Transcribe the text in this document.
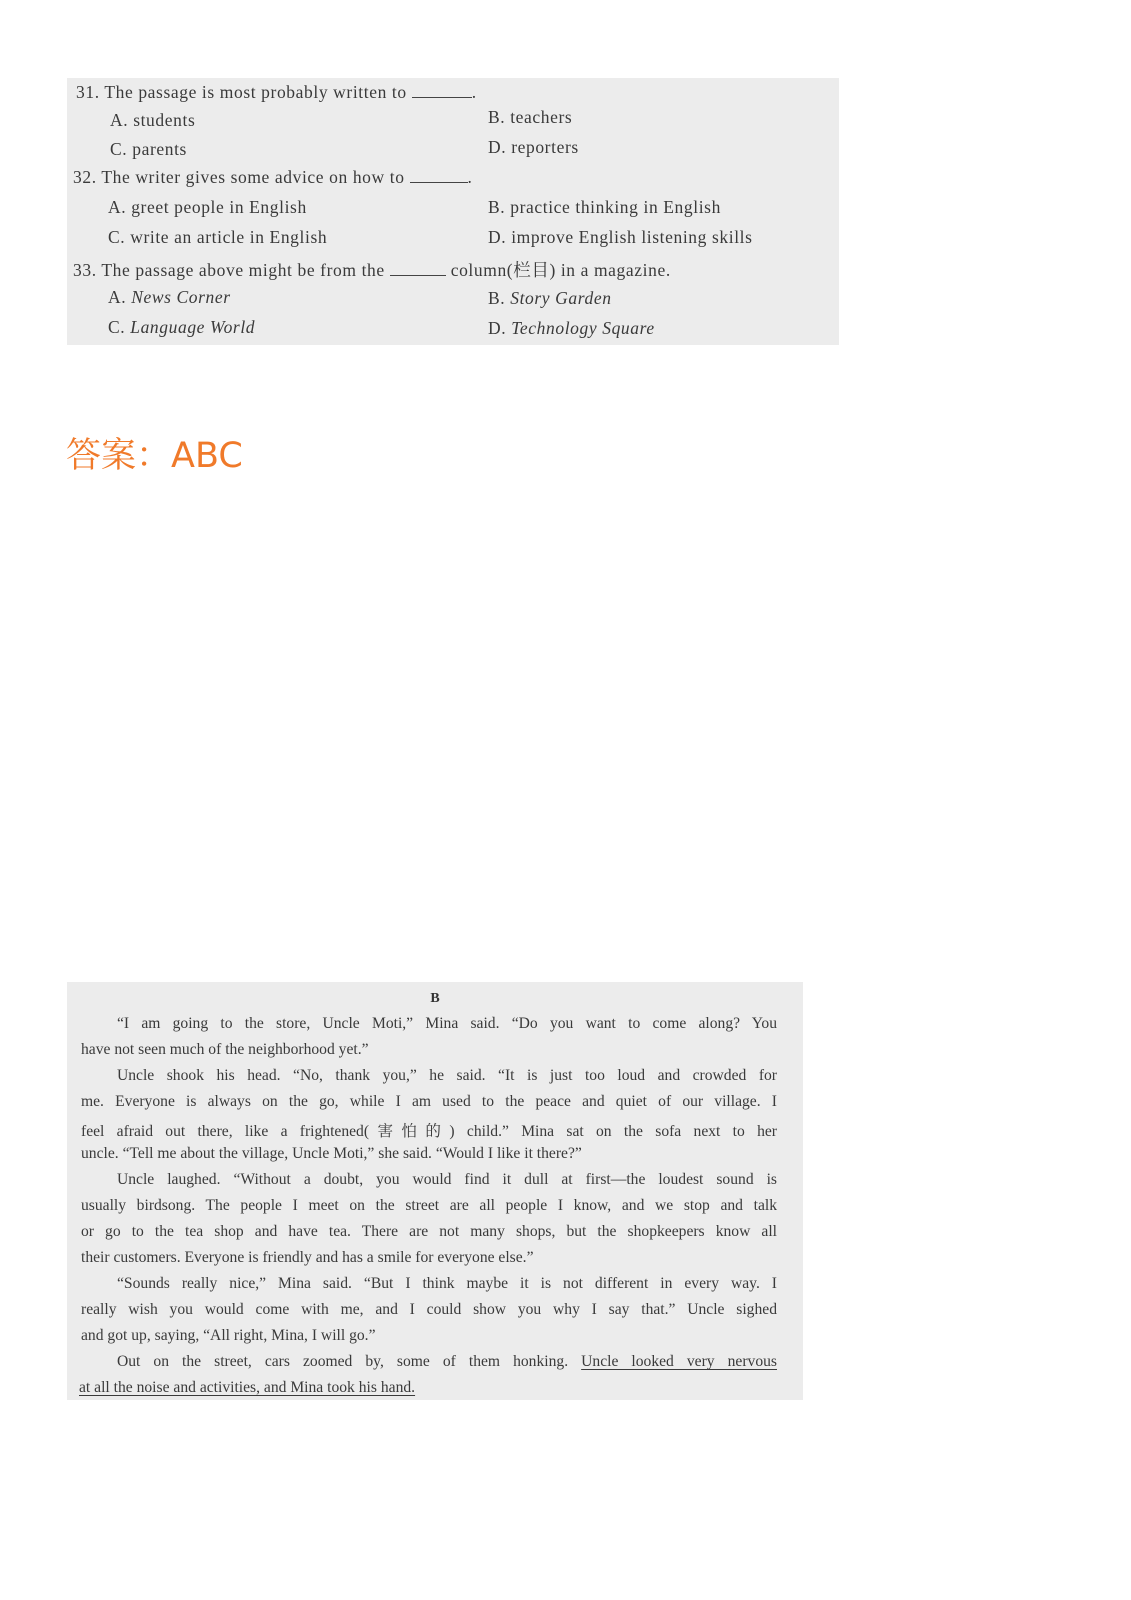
31. The passage is most probably written to	.
A. students	B. teachers
C. parents	D. reporters
32. The writer gives some advice on how to	.
A. greet people in English	B. practice thinking in English
C. write an article in English	D. improve English listening skills
33. The passage above might be from the	column(栏目) in a magazine.
A. News Corner	B. Story Garden
C. Language World	D. Technology Square
答案：ABC
B
“I am going to the store, Uncle Moti,” Mina said. “Do you want to come along? You
have not seen much of the neighborhood yet.”
Uncle shook his head. “No, thank you,” he said. “It is just too loud and crowded for
me. Everyone is always on the go, while I am used to the peace and quiet of our village. I
feel afraid out there, like a frightened(害怕的) child.” Mina sat on the sofa next to her
uncle. “Tell me about the village, Uncle Moti,” she said. “Would I like it there?”
Uncle laughed. “Without a doubt, you would find it dull at first—the loudest sound is
usually birdsong. The people I meet on the street are all people I know, and we stop and talk
or go to the tea shop and have tea. There are not many shops, but the shopkeepers know all
their customers. Everyone is friendly and has a smile for everyone else.”
“Sounds really nice,” Mina said. “But I think maybe it is not different in every way. I
really wish you would come with me, and I could show you why I say that.” Uncle sighed
and got up, saying, “All right, Mina, I will go.”
Out on the street, cars zoomed by, some of them honking. Uncle looked very nervous
at all the noise and activities, and Mina took his hand.
